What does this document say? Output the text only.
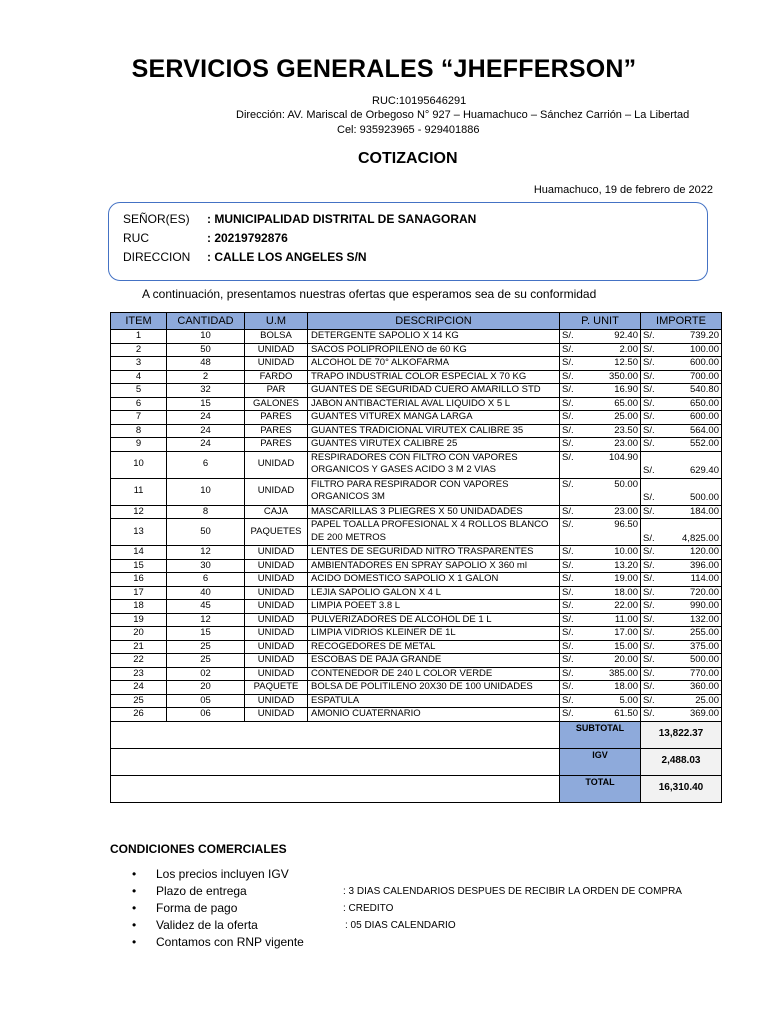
SERVICIOS GENERALES “JHEFFERSON”
RUC:10195646291
Dirección: AV. Mariscal de Orbegoso N° 927 – Huamachuco – Sánchez Carrión – La Libertad
Cel: 935923965 - 929401886
COTIZACION
Huamachuco, 19 de febrero de 2022
SEÑOR(ES)	: MUNICIPALIDAD DISTRITAL DE SANAGORAN
RUC	: 20219792876
DIRECCION	: CALLE LOS ANGELES S/N
A continuación, presentamos nuestras ofertas que esperamos sea de su conformidad
ITEM	CANTIDAD	U.M	DESCRIPCION	P. UNIT	IMPORTE
1	10	BOLSA	DETERGENTE SAPOLIO X 14 KG	S/. 92.40	S/. 739.20

2	50	UNIDAD	SACOS POLIPROPILENO de 60 KG	S/. 2.00	S/. 100.00

3	48	UNIDAD	ALCOHOL DE 70° ALKOFARMA	S/. 12.50	S/. 600.00

4	2	FARDO	TRAPO INDUSTRIAL COLOR ESPECIAL X 70 KG	S/. 350.00	S/. 700.00

5	32	PAR	GUANTES DE SEGURIDAD CUERO AMARILLO STD	S/. 16.90	S/. 540.80

6	15	GALONES	JABON ANTIBACTERIAL AVAL LIQUIDO X 5 L	S/. 65.00	S/. 650.00

7	24	PARES	GUANTES VITUREX MANGA LARGA	S/. 25.00	S/. 600.00

8	24	PARES	GUANTES TRADICIONAL VIRUTEX CALIBRE 35	S/. 23.50	S/. 564.00

9	24	PARES	GUANTES VIRUTEX CALIBRE 25	S/. 23.00	S/. 552.00

10	6	UNIDAD	RESPIRADORES CON FILTRO CON VAPORES ORGANICOS Y GASES ACIDO 3 M 2 VIAS	S/. 104.90	S/. 629.40

11	10	UNIDAD	FILTRO PARA RESPIRADOR CON VAPORES ORGANICOS 3M	S/. 50.00	S/. 500.00

12	8	CAJA	MASCARILLAS 3 PLIEGRES X 50 UNIDADADES	S/. 23.00	S/. 184.00

13	50	PAQUETES	PAPEL TOALLA PROFESIONAL X 4 ROLLOS BLANCO DE 200 METROS	S/. 96.50	S/. 4,825.00

14	12	UNIDAD	LENTES DE SEGURIDAD NITRO TRASPARENTES	S/. 10.00	S/. 120.00

15	30	UNIDAD	AMBIENTADORES EN SPRAY SAPOLIO X 360 ml	S/. 13.20	S/. 396.00

16	6	UNIDAD	ACIDO DOMESTICO SAPOLIO X 1 GALON	S/. 19.00	S/. 114.00

17	40	UNIDAD	LEJIA SAPOLIO GALON X 4 L	S/. 18.00	S/. 720.00

18	45	UNIDAD	LIMPIA POEET 3.8 L	S/. 22.00	S/. 990.00

19	12	UNIDAD	PULVERIZADORES DE ALCOHOL DE 1 L	S/. 11.00	S/. 132.00

20	15	UNIDAD	LIMPIA VIDRIOS KLEINER DE 1L	S/. 17.00	S/. 255.00

21	25	UNIDAD	RECOGEDORES DE METAL	S/. 15.00	S/. 375.00

22	25	UNIDAD	ESCOBAS DE PAJA GRANDE	S/. 20.00	S/. 500.00

23	02	UNIDAD	CONTENEDOR DE 240 L COLOR VERDE	S/. 385.00	S/. 770.00

24	20	PAQUETE	BOLSA DE POLITILENO 20X30 DE 100 UNIDADES	S/. 18.00	S/. 360.00

25	05	UNIDAD	ESPATULA	S/. 5.00	S/. 25.00

26	06	UNIDAD	AMONIO CUATERNARIO	S/. 61.50	S/. 369.00

				SUBTOTAL	13,822.37
				IGV	2,488.03
				TOTAL	16,310.40
CONDICIONES COMERCIALES
• Los precios incluyen IGV
• Plazo de entrega	: 3 DIAS CALENDARIOS DESPUES DE RECIBIR LA ORDEN DE COMPRA
• Forma de pago	: CREDITO
• Validez de la oferta	: 05 DIAS CALENDARIO
• Contamos con RNP vigente
